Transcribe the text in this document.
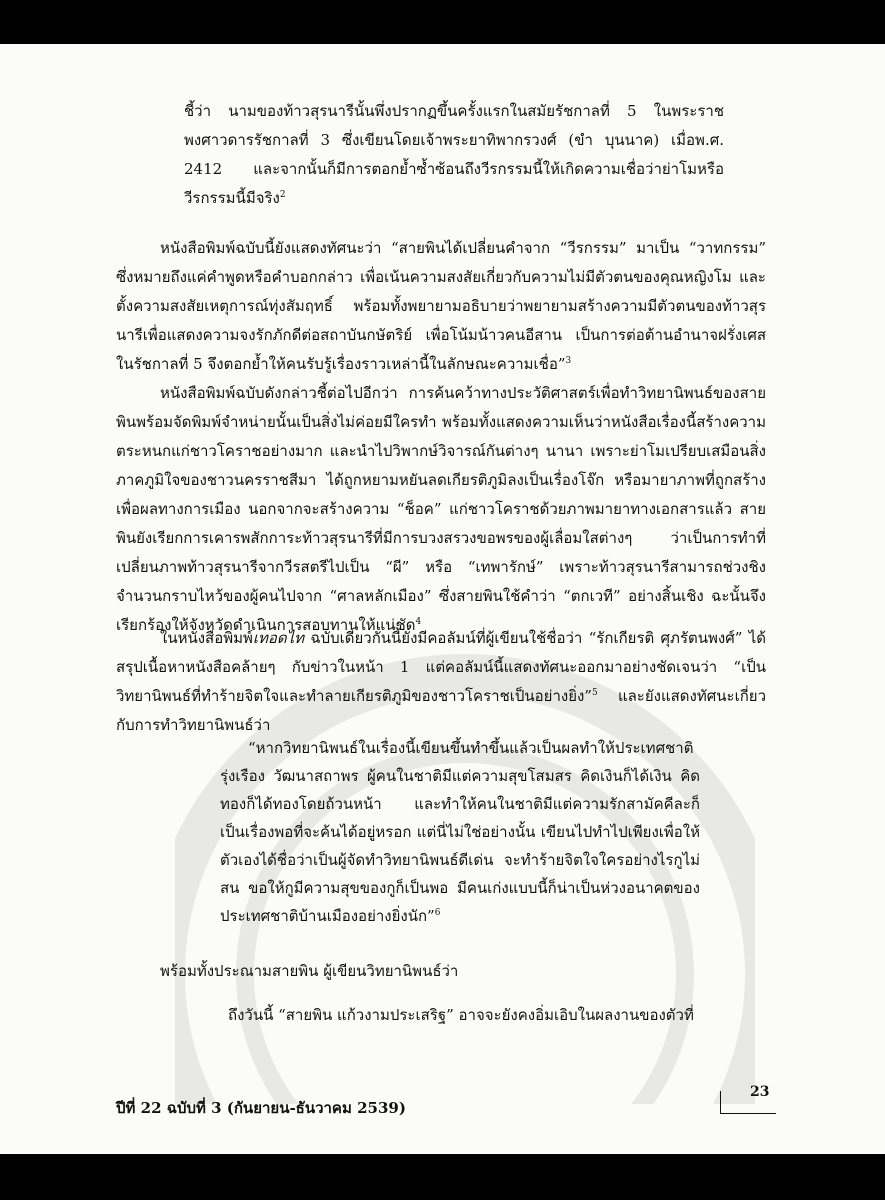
ชี้ว่า นามของท้าวสุรนารีนั้นพึ่งปรากฏขึ้นครั้งแรกในสมัยรัชกาลที่ 5 ในพระราชพงศาวดารรัชกาลที่ 3 ซึ่งเขียนโดยเจ้าพระยาทิพากรวงศ์ (ขำ บุนนาค) เมื่อพ.ศ. 2412 และจากนั้นก็มีการตอกย้ำซ้ำซ้อนถึงวีรกรรมนี้ให้เกิดความเชื่อว่าย่าโมหรือวีรกรรมนี้มีจริง$^2$

หนังสือพิมพ์ฉบับนี้ยังแสดงทัศนะว่า “สายพินได้เปลี่ยนคำจาก “วีรกรรม” มาเป็น “วาทกรรม” ซึ่งหมายถึงแค่คำพูดหรือคำบอกกล่าว เพื่อเน้นความสงสัยเกี่ยวกับความไม่มีตัวตนของคุณหญิงโม และตั้งความสงสัยเหตุการณ์ทุ่งสัมฤทธิ์ พร้อมทั้งพยายามอธิบายว่าพยายามสร้างความมีตัวตนของท้าวสุรนารีเพื่อแสดงความจงรักภักดีต่อสถาบันกษัตริย์ เพื่อโน้มน้าวคนอีสาน เป็นการต่อต้านอำนาจฝรั่งเศสในรัชกาลที่ 5 จึงตอกย้ำให้คนรับรู้เรื่องราวเหล่านี้ในลักษณะความเชื่อ”$^3$

หนังสือพิมพ์ฉบับดังกล่าวชี้ต่อไปอีกว่า การค้นคว้าทางประวัติศาสตร์เพื่อทำวิทยานิพนธ์ของสายพินพร้อมจัดพิมพ์จำหน่ายนั้นเป็นสิ่งไม่ค่อยมีใครทำ พร้อมทั้งแสดงความเห็นว่าหนังสือเรื่องนี้สร้างความตระหนกแก่ชาวโคราชอย่างมาก และนำไปวิพากษ์วิจารณ์กันต่างๆ นานา เพราะย่าโมเปรียบเสมือนสิ่งภาคภูมิใจของชาวนครราชสีมา ได้ถูกหยามหยันลดเกียรติภูมิลงเป็นเรื่องโจ๊ก หรือมายาภาพที่ถูกสร้างเพื่อผลทางการเมือง นอกจากจะสร้างความ “ช็อค” แก่ชาวโคราชด้วยภาพมายาทางเอกสารแล้ว สายพินยังเรียกการเคารพสักการะท้าวสุรนารีที่มีการบวงสรวงขอพรของผู้เลื่อมใสต่างๆ ว่าเป็นการทำที่เปลี่ยนภาพท้าวสุรนารีจากวีรสตรีไปเป็น “ผี” หรือ “เทพารักษ์” เพราะท้าวสุรนารีสามารถช่วงชิงจำนวนกราบไหว้ของผู้คนไปจาก “ศาลหลักเมือง” ซึ่งสายพินใช้คำว่า “ตกเวที” อย่างสิ้นเชิง ฉะนั้นจึงเรียกร้องให้จังหวัดดำเนินการสอบทานให้แน่ชัด$^4$

ในหนังสือพิมพ์เทอดไท ฉบับเดียวกันนี้ยังมีคอลัมน์ที่ผู้เขียนใช้ชื่อว่า “รักเกียรติ ศุภรัตนพงศ์” ได้สรุปเนื้อหาหนังสือคล้ายๆ กับข่าวในหน้า 1 แต่คอลัมน์นี้แสดงทัศนะออกมาอย่างชัดเจนว่า “เป็นวิทยานิพนธ์ที่ทำร้ายจิตใจและทำลายเกียรติภูมิของชาวโคราชเป็นอย่างยิ่ง”$^5$ และยังแสดงทัศนะเกี่ยวกับการทำวิทยานิพนธ์ว่า

“หากวิทยานิพนธ์ในเรื่องนี้เขียนขึ้นทำขึ้นแล้วเป็นผลทำให้ประเทศชาติรุ่งเรือง วัฒนาสถาพร ผู้คนในชาติมีแต่ความสุขโสมสร คิดเงินก็ได้เงิน คิดทองก็ได้ทองโดยถ้วนหน้า และทำให้คนในชาติมีแต่ความรักสามัคคีละก็ เป็นเรื่องพอที่จะค้นได้อยู่หรอก แต่นี่ไม่ใช่อย่างนั้น เขียนไปทำไปเพียงเพื่อให้ตัวเองได้ชื่อว่าเป็นผู้จัดทำวิทยานิพนธ์ดีเด่น จะทำร้ายจิตใจใครอย่างไรกูไม่สน ขอให้กูมีความสุขของกูก็เป็นพอ มีคนเก่งแบบนี้ก็น่าเป็นห่วงอนาคตของประเทศชาติบ้านเมืองอย่างยิ่งนัก”$^6$

พร้อมทั้งประณามสายพิน ผู้เขียนวิทยานิพนธ์ว่า

ถึงวันนี้ “สายพิน แก้วงามประเสริฐ” อาจจะยังคงอิ่มเอิบในผลงานของตัวที่

ปีที่ 22 ฉบับที่ 3 (กันยายน-ธันวาคม 2539)
23
